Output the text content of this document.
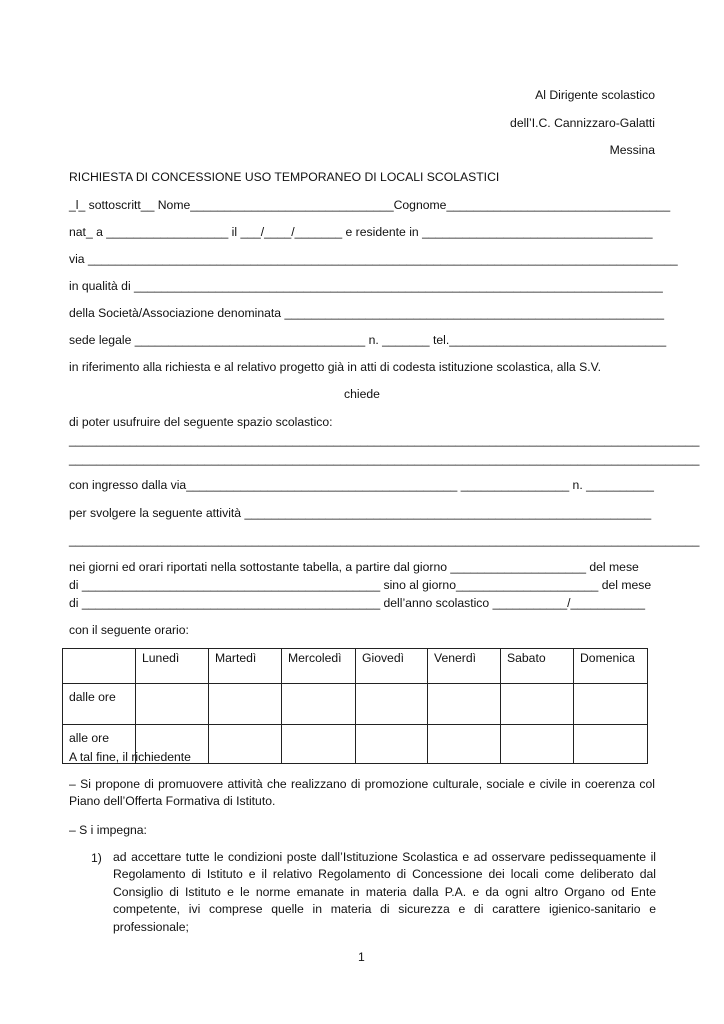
Al Dirigente scolastico
dell’I.C. Cannizzaro-Galatti
Messina
RICHIESTA DI CONCESSIONE USO TEMPORANEO DI LOCALI SCOLASTICI
_l_ sottoscritt__ Nome______________________________Cognome_________________________________
nat_ a __________________ il ___/____/_______ e residente in __________________________________
via _______________________________________________________________________________________
in qualità di ______________________________________________________________________________
della Società/Associazione denominata ________________________________________________________
sede legale __________________________________ n. _______ tel.________________________________
in riferimento alla richiesta e al relativo progetto già in atti di codesta istituzione scolastica, alla S.V.
chiede
di poter usufruire del seguente spazio scolastico:
_____________________________________________________________________________________________
_____________________________________________________________________________________________
con ingresso dalla via________________________________________ ________________ n. __________
per svolgere la seguente attività ____________________________________________________________
_____________________________________________________________________________________________
nei giorni ed orari riportati nella sottostante tabella, a partire dal giorno ____________________ del mese
di ____________________________________________ sino al giorno_____________________ del mese
di ____________________________________________ dell’anno scolastico ___________/___________
con il seguente orario:
	Lunedì	Martedì	Mercoledì	Giovedì	Venerdì	Sabato	Domenica
dalle ore							
alle ore							
A tal fine, il richiedente
– Si propone di promuovere attività che realizzano di promozione culturale, sociale e civile in coerenza col Piano dell’Offerta Formativa di Istituto.
– S i impegna:
1) ad accettare tutte le condizioni poste dall’Istituzione Scolastica e ad osservare pedissequamente il Regolamento di Istituto e il relativo Regolamento di Concessione dei locali come deliberato dal Consiglio di Istituto e le norme emanate in materia dalla P.A. e da ogni altro Organo od Ente competente, ivi comprese quelle in materia di sicurezza e di carattere igienico-sanitario e professionale;
1
